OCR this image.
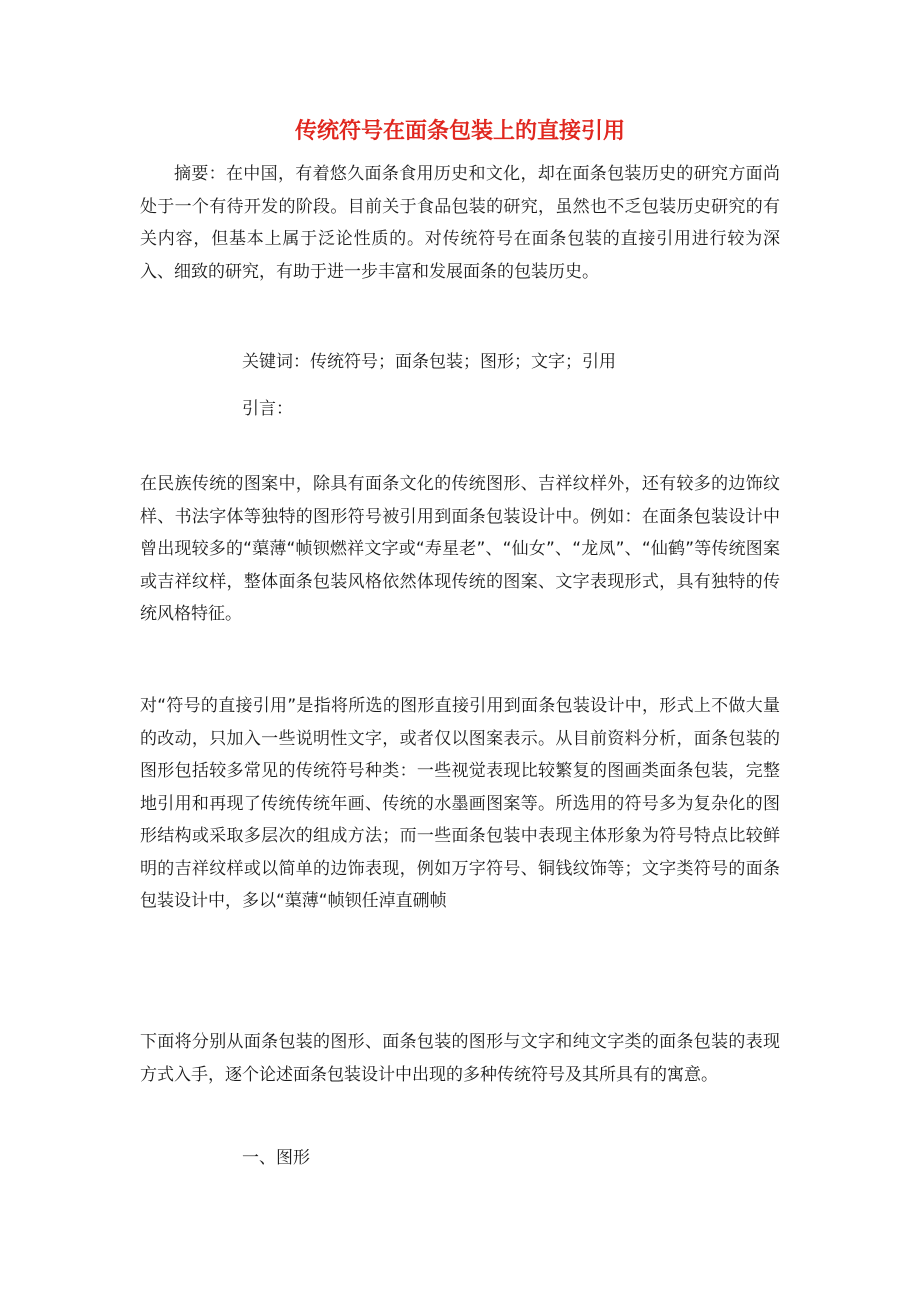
传统符号在面条包装上的直接引用

摘要：在中国，有着悠久面条食用历史和文化，却在面条包装历史的研究方面尚处于一个有待开发的阶段。目前关于食品包装的研究，虽然也不乏包装历史研究的有关内容，但基本上属于泛论性质的。对传统符号在面条包装的直接引用进行较为深入、细致的研究，有助于进一步丰富和发展面条的包装历史。

关键词：传统符号；面条包装；图形；文字；引用

引言：

在民族传统的图案中，除具有面条文化的传统图形、吉祥纹样外，还有较多的边饰纹样、书法字体等独特的图形符号被引用到面条包装设计中。例如：在面条包装设计中曾出现较多的“蕖薄“帧钡燃祥文字或“寿星老”、“仙女”、“龙凤”、“仙鹤”等传统图案或吉祥纹样，整体面条包装风格依然体现传统的图案、文字表现形式，具有独特的传统风格特征。

对“符号的直接引用”是指将所选的图形直接引用到面条包装设计中，形式上不做大量的改动，只加入一些说明性文字，或者仅以图案表示。从目前资料分析，面条包装的图形包括较多常见的传统符号种类：一些视觉表现比较繁复的图画类面条包装，完整地引用和再现了传统传统年画、传统的水墨画图案等。所选用的符号多为复杂化的图形结构或采取多层次的组成方法；而一些面条包装中表现主体形象为符号特点比较鲜明的吉祥纹样或以简单的边饰表现，例如万字符号、铜钱纹饰等；文字类符号的面条包装设计中，多以“蕖薄“帧钡任淖直硎帧

下面将分别从面条包装的图形、面条包装的图形与文字和纯文字类的面条包装的表现方式入手，逐个论述面条包装设计中出现的多种传统符号及其所具有的寓意。

一、图形
